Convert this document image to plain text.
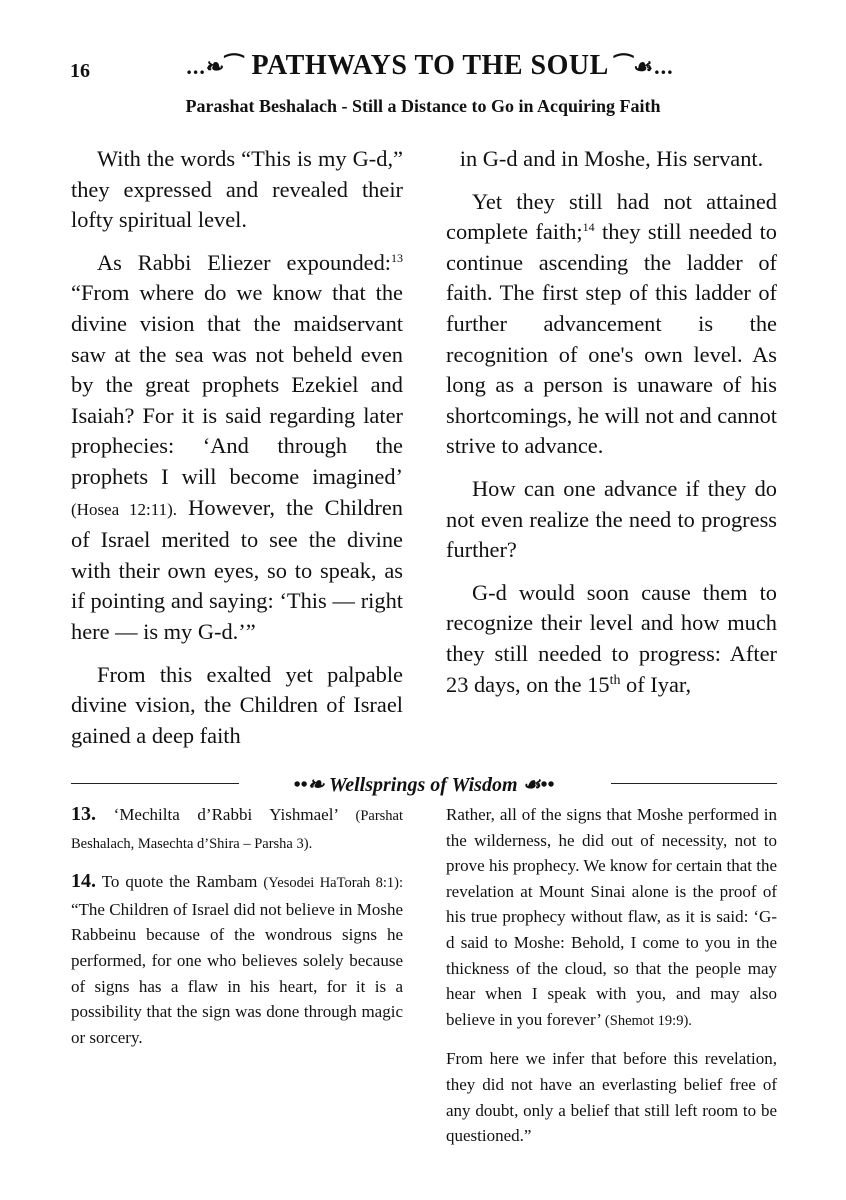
16	...❧⁀ PATHWAYS TO THE SOUL ⁀☙...
Parashat Beshalach - Still a Distance to Go in Acquiring Faith

With the words “This is my G-d,” they expressed and revealed their lofty spiritual level.

As Rabbi Eliezer expounded:$^{13}$ “From where do we know that the divine vision that the maidservant saw at the sea was not beheld even by the great prophets Ezekiel and Isaiah? For it is said regarding later prophecies: ‘And through the prophets I will become imagined’ (Hosea 12:11). However, the Children of Israel merited to see the divine with their own eyes, so to speak, as if pointing and saying: ‘This — right here — is my G-d.’”

From this exalted yet palpable divine vision, the Children of Israel gained a deep faith

in G-d and in Moshe, His servant.

Yet they still had not attained complete faith;$^{14}$ they still needed to continue ascending the ladder of faith. The first step of this ladder of further advancement is the recognition of one's own level. As long as a person is unaware of his shortcomings, he will not and cannot strive to advance.

How can one advance if they do not even realize the need to progress further?

G-d would soon cause them to recognize their level and how much they still needed to progress: After 23 days, on the 15th of Iyar,

••❧ Wellsprings of Wisdom ☙••

13. ‘Mechilta d’Rabbi Yishmael’ (Parshat Beshalach, Masechta d’Shira – Parsha 3).

14. To quote the Rambam (Yesodei HaTorah 8:1): “The Children of Israel did not believe in Moshe Rabbeinu because of the wondrous signs he performed, for one who believes solely because of signs has a flaw in his heart, for it is a possibility that the sign was done through magic or sorcery.

Rather, all of the signs that Moshe performed in the wilderness, he did out of necessity, not to prove his prophecy. We know for certain that the revelation at Mount Sinai alone is the proof of his true prophecy without flaw, as it is said: ‘G-d said to Moshe: Behold, I come to you in the thickness of the cloud, so that the people may hear when I speak with you, and may also believe in you forever’ (Shemot 19:9).

From here we infer that before this revelation, they did not have an everlasting belief free of any doubt, only a belief that still left room to be questioned.”
